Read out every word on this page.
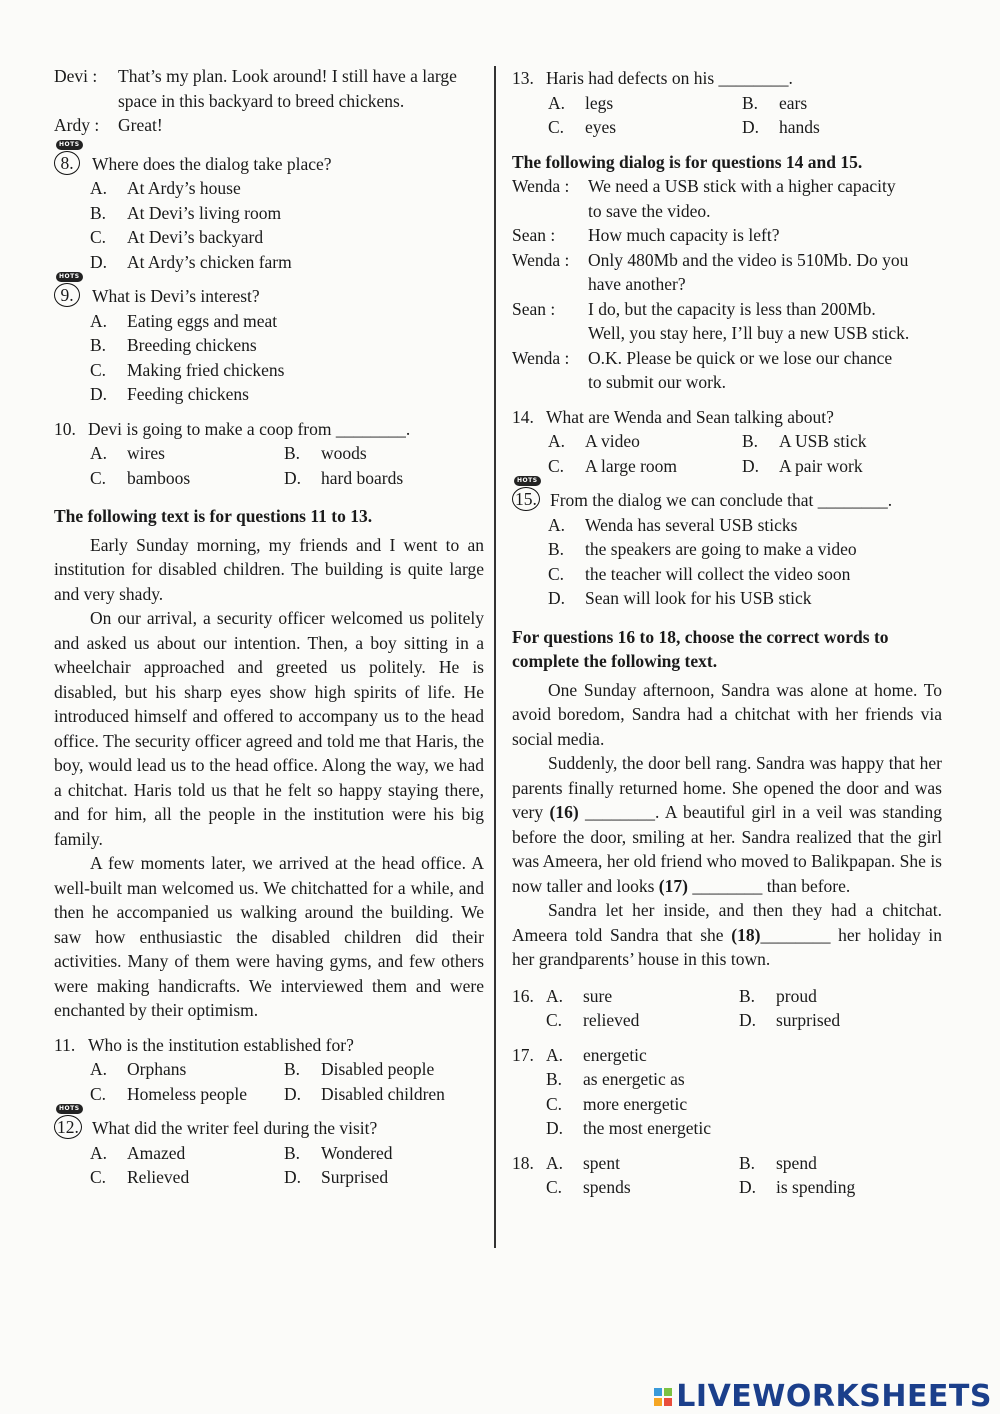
Devi :	That’s my plan. Look around! I still have a large
space in this backyard to breed chickens.
Ardy :	Great!
HOTS
8.	Where does the dialog take place?
A.	At Ardy’s house
B.	At Devi’s living room
C.	At Devi’s backyard
D.	At Ardy’s chicken farm
HOTS
9.	What is Devi’s interest?
A.	Eating eggs and meat
B.	Breeding chickens
C.	Making fried chickens
D.	Feeding chickens
10. Devi is going to make a coop from ________.
A.	wires	B.	woods
C.	bamboos	D.	hard boards
The following text is for questions 11 to 13.

Early Sunday morning, my friends and I went to an institution for disabled children. The building is quite large and very shady.

On our arrival, a security officer welcomed us politely and asked us about our intention. Then, a boy sitting in a wheelchair approached and greeted us politely. He is disabled, but his sharp eyes show high spirits of life. He introduced himself and offered to accompany us to the head office. The security officer agreed and told me that Haris, the boy, would lead us to the head office. Along the way, we had a chitchat. Haris told us that he felt so happy staying there, and for him, all the people in the institution were his big family.

A few moments later, we arrived at the head office. A well-built man welcomed us. We chitchatted for a while, and then he accompanied us walking around the building. We saw how enthusiastic the disabled children did their activities. Many of them were having gyms, and few others were making handicrafts. We interviewed them and were enchanted by their optimism.

11. Who is the institution established for?
A.	Orphans	B.	Disabled people
C.	Homeless people D.	Disabled children
HOTS
12. What did the writer feel during the visit?
A.	Amazed	B.	Wondered
C.	Relieved	D.	Surprised
13. Haris had defects on his ________.
A.	legs	B.	ears
C.	eyes	D.	hands
The following dialog is for questions 14 and 15.
Wenda :	We need a USB stick with a higher capacity
to save the video.
Sean :	How much capacity is left?
Wenda :	Only 480Mb and the video is 510Mb. Do you
have another?
Sean :	I do, but the capacity is less than 200Mb.
Well, you stay here, I’ll buy a new USB stick.
Wenda :	O.K. Please be quick or we lose our chance
to submit our work.
14. What are Wenda and Sean talking about?
A.	A video	B.	A USB stick
C.	A large room	D.	A pair work
HOTS
15. From the dialog we can conclude that ________.
A.	Wenda has several USB sticks
B.	the speakers are going to make a video
C.	the teacher will collect the video soon
D.	Sean will look for his USB stick
For questions 16 to 18, choose the correct words to complete the following text.

One Sunday afternoon, Sandra was alone at home. To avoid boredom, Sandra had a chitchat with her friends via social media.

Suddenly, the door bell rang. Sandra was happy that her parents finally returned home. She opened the door and was very (16) ________. A beautiful girl in a veil was standing before the door, smiling at her. Sandra realized that the girl was Ameera, her old friend who moved to Balikpapan. She is now taller and looks (17) ________ than before.

Sandra let her inside, and then they had a chitchat. Ameera told Sandra that she (18)________ her holiday in her grandparents’ house in this town.

16. A.	sure	B.	proud
C.	relieved	D.	surprised
17. A.	energetic
B.	as energetic as
C.	more energetic
D.	the most energetic
18. A.	spent	B.	spend
C.	spends	D.	is spending
LIVEWORKSHEETS
